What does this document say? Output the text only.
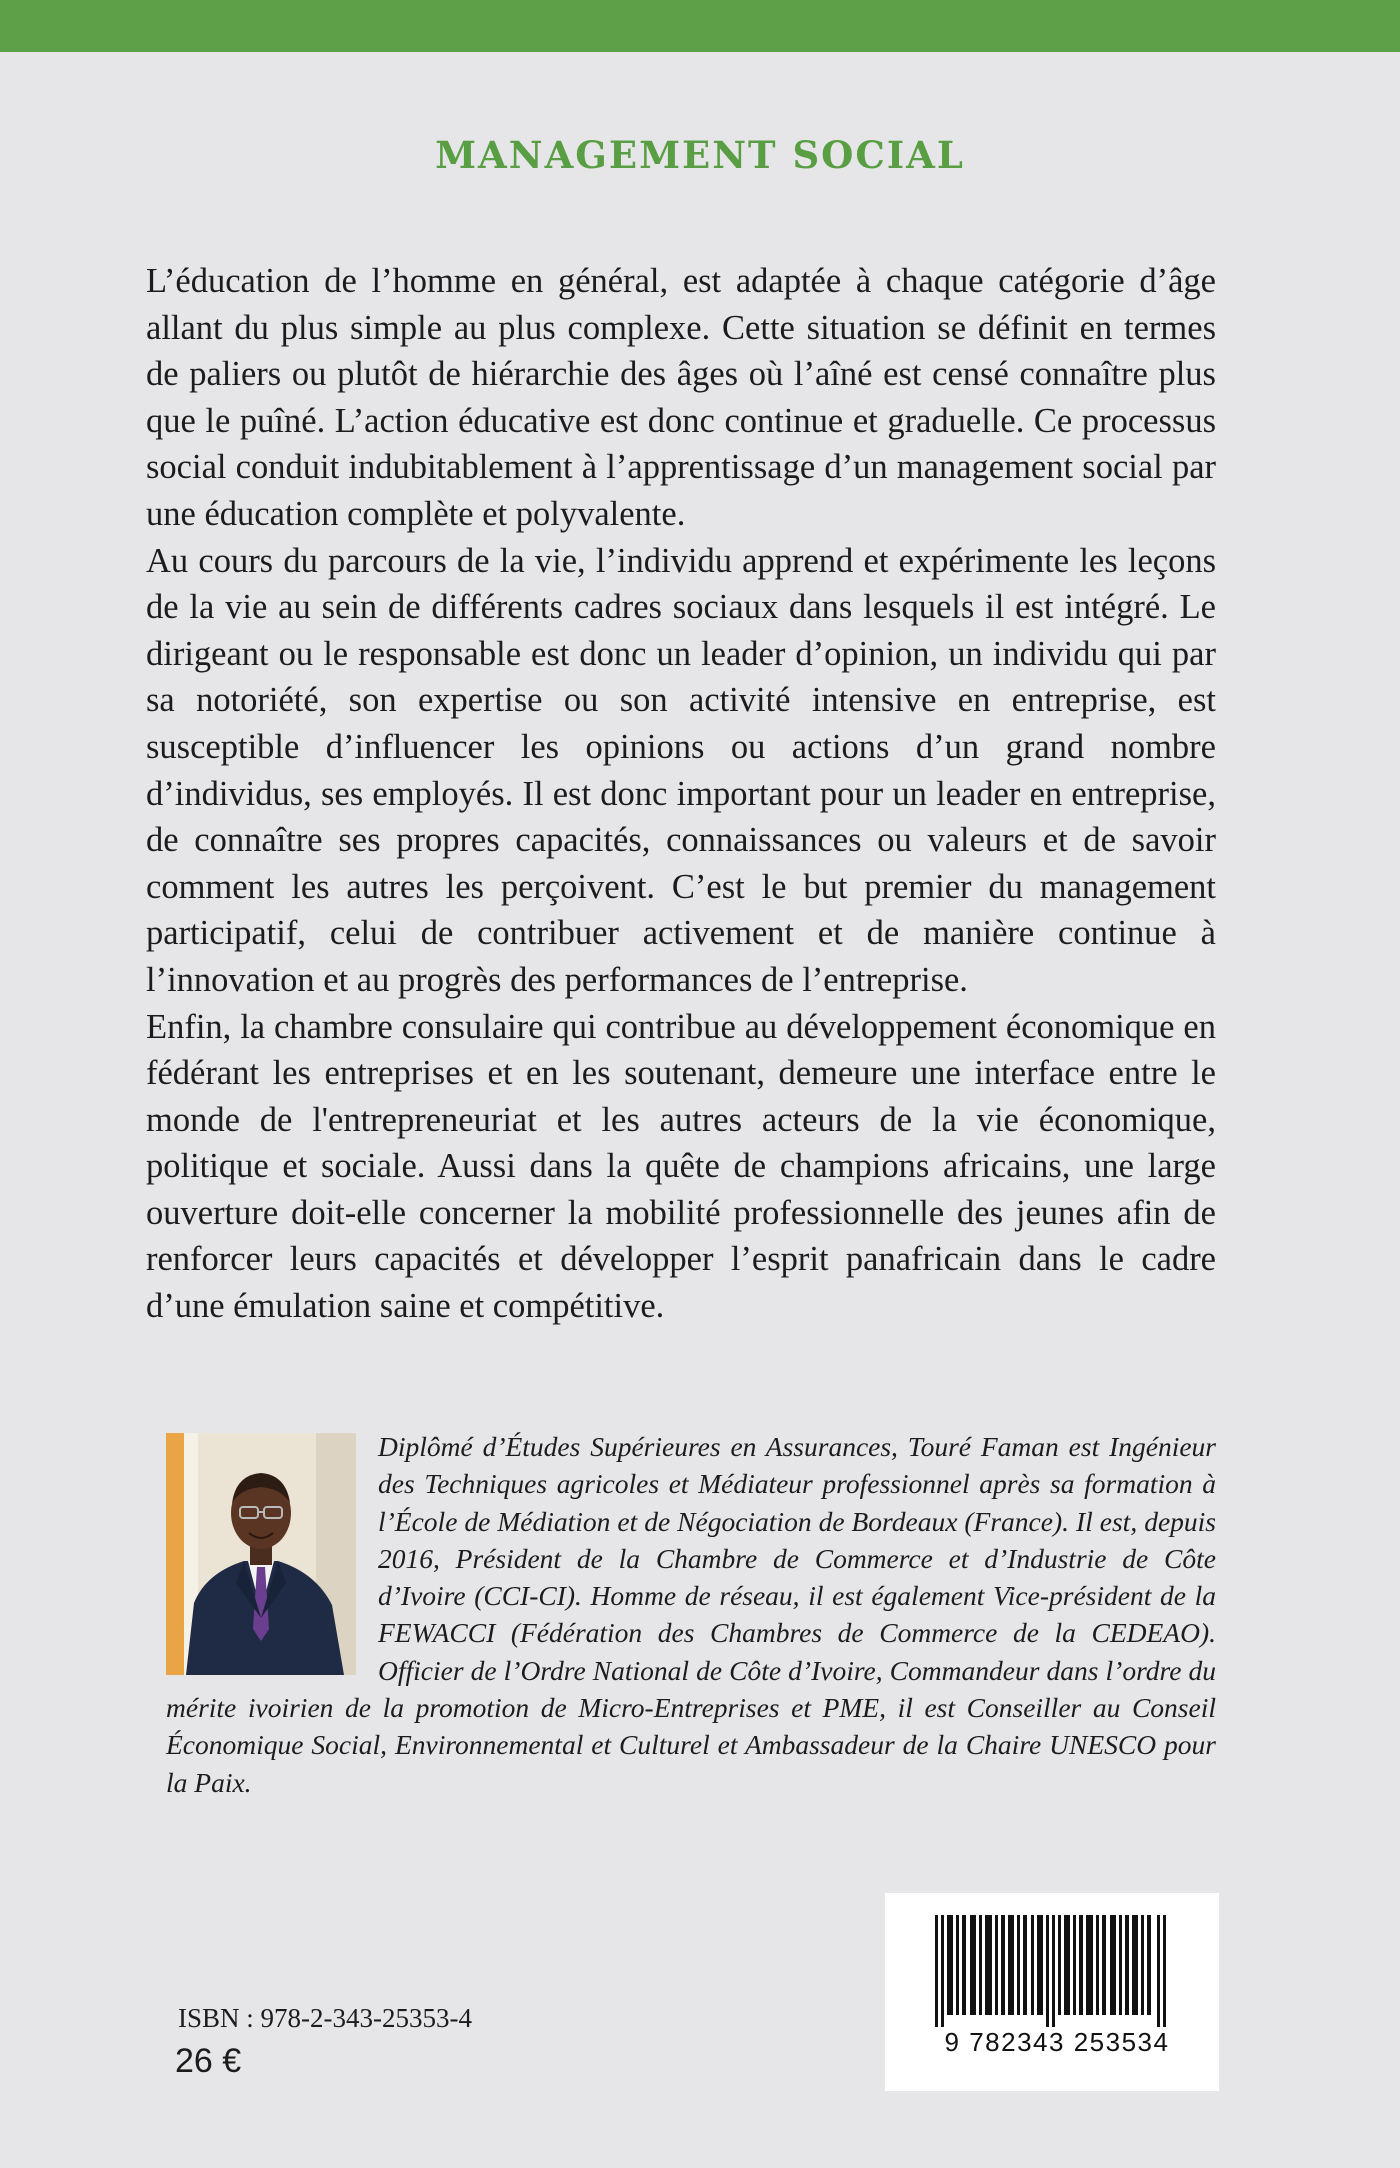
MANAGEMENT SOCIAL

L’éducation de l’homme en général, est adaptée à chaque catégorie d’âge allant du plus simple au plus complexe. Cette situation se définit en termes de paliers ou plutôt de hiérarchie des âges où l’aîné est censé connaître plus que le puîné. L’action éducative est donc continue et graduelle. Ce processus social conduit indubitablement à l’apprentissage d’un management social par une éducation complète et polyvalente.

Au cours du parcours de la vie, l’individu apprend et expérimente les leçons de la vie au sein de différents cadres sociaux dans lesquels il est intégré. Le dirigeant ou le responsable est donc un leader d’opinion, un individu qui par sa notoriété, son expertise ou son activité intensive en entreprise, est susceptible d’influencer les opinions ou actions d’un grand nombre d’individus, ses employés. Il est donc important pour un leader en entreprise, de connaître ses propres capacités, connaissances ou valeurs et de savoir comment les autres les perçoivent. C’est le but premier du management participatif, celui de contribuer activement et de manière continue à l’innovation et au progrès des performances de l’entreprise.

Enfin, la chambre consulaire qui contribue au développement économique en fédérant les entreprises et en les soutenant, demeure une interface entre le monde de l'entrepreneuriat et les autres acteurs de la vie économique, politique et sociale. Aussi dans la quête de champions africains, une large ouverture doit-elle concerner la mobilité professionnelle des jeunes afin de renforcer leurs capacités et développer l’esprit panafricain dans le cadre d’une émulation saine et compétitive.

Diplômé d’Études Supérieures en Assurances, Touré Faman est Ingénieur des Techniques agricoles et Médiateur professionnel après sa formation à l’École de Médiation et de Négociation de Bordeaux (France). Il est, depuis 2016, Président de la Chambre de Commerce et d’Industrie de Côte d’Ivoire (CCI-CI). Homme de réseau, il est également Vice-président de la FEWACCI (Fédération des Chambres de Commerce de la CEDEAO). Officier de l’Ordre National de Côte d’Ivoire, Commandeur dans l’ordre du mérite ivoirien de la promotion de Micro-Entreprises et PME, il est Conseiller au Conseil Économique Social, Environnemental et Culturel et Ambassadeur de la Chaire UNESCO pour la Paix.

ISBN : 978-2-343-25353-4

26 €	9 782343 253534
